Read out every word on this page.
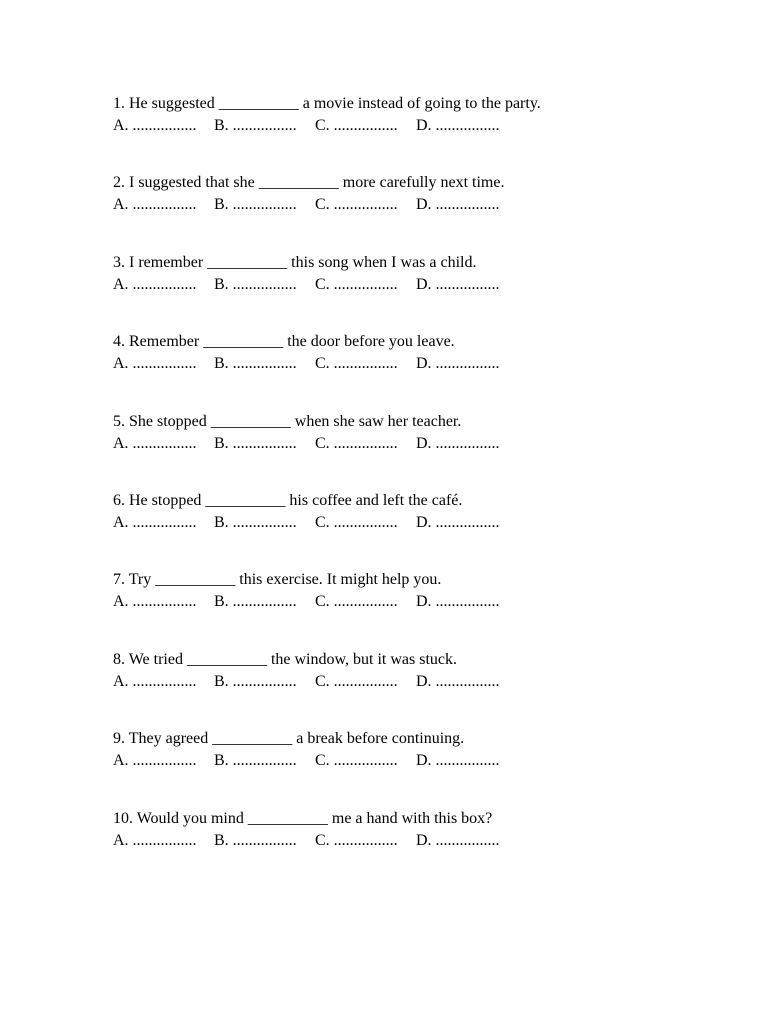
1. He suggested __________ a movie instead of going to the party.
A. ................ B. ................ C. ................ D. ................
2. I suggested that she __________ more carefully next time.
A. ................ B. ................ C. ................ D. ................
3. I remember __________ this song when I was a child.
A. ................ B. ................ C. ................ D. ................
4. Remember __________ the door before you leave.
A. ................ B. ................ C. ................ D. ................
5. She stopped __________ when she saw her teacher.
A. ................ B. ................ C. ................ D. ................
6. He stopped __________ his coffee and left the café.
A. ................ B. ................ C. ................ D. ................
7. Try __________ this exercise. It might help you.
A. ................ B. ................ C. ................ D. ................
8. We tried __________ the window, but it was stuck.
A. ................ B. ................ C. ................ D. ................
9. They agreed __________ a break before continuing.
A. ................ B. ................ C. ................ D. ................
10. Would you mind __________ me a hand with this box?
A. ................ B. ................ C. ................ D. ................
